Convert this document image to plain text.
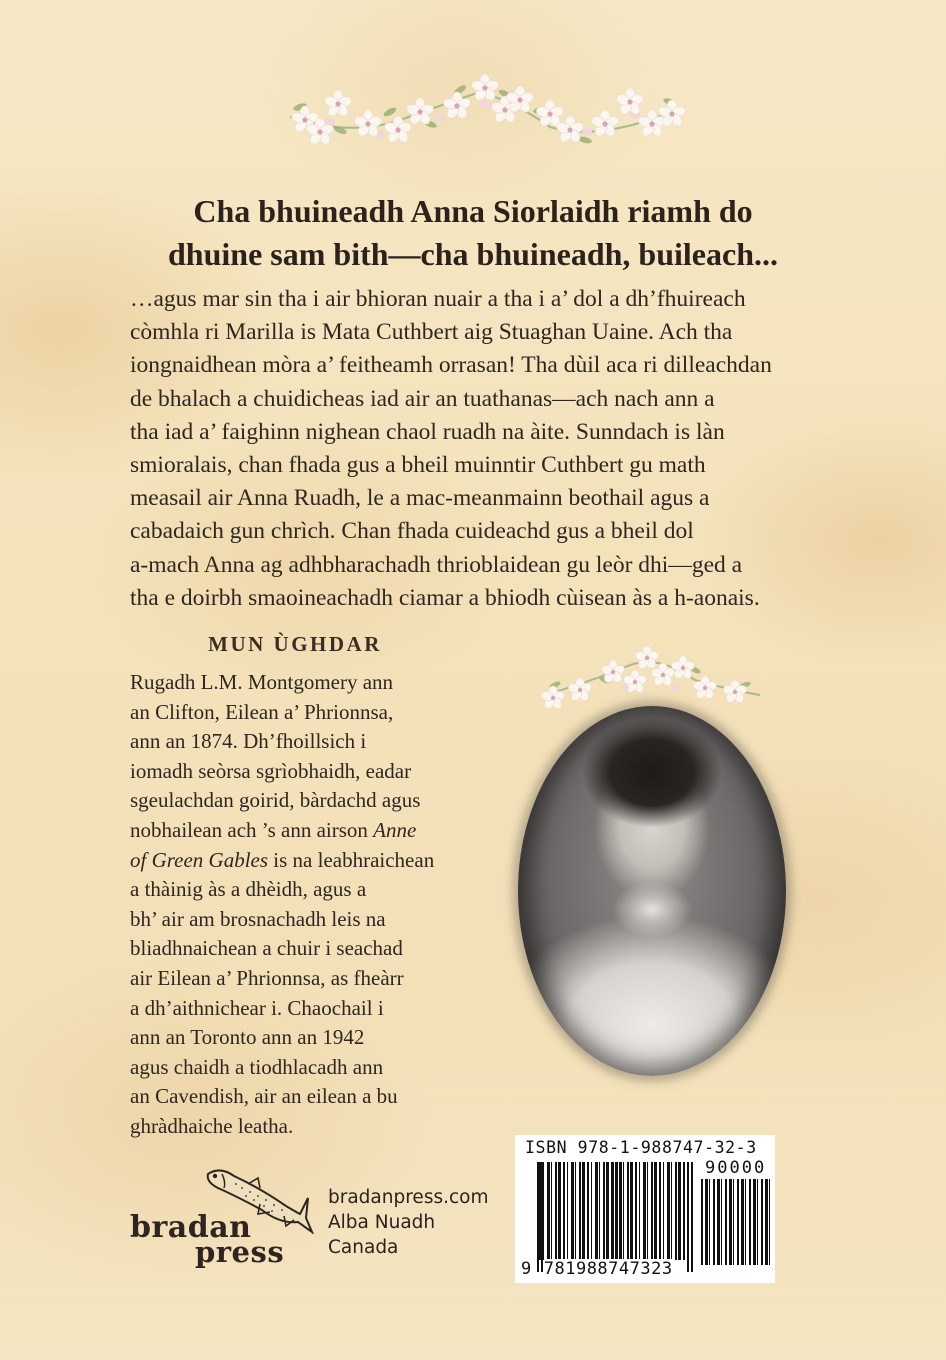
Cha bhuineadh Anna Siorlaidh riamh do
dhuine sam bith—cha bhuineadh, buileach...
…agus mar sin tha i air bhioran nuair a tha i a’ dol a dh’fhuireach
còmhla ri Marilla is Mata Cuthbert aig Stuaghan Uaine. Ach tha
iongnaidhean mòra a’ feitheamh orrasan! Tha dùil aca ri dilleachdan
de bhalach a chuidicheas iad air an tuathanas—ach nach ann a
tha iad a’ faighinn nighean chaol ruadh na àite. Sunndach is làn
smioralais, chan fhada gus a bheil muinntir Cuthbert gu math
measail air Anna Ruadh, le a mac-meanmainn beothail agus a
cabadaich gun chrìch. Chan fhada cuideachd gus a bheil dol
a-mach Anna ag adhbharachadh thrioblaidean gu leòr dhi—ged a
tha e doirbh smaoineachadh ciamar a bhiodh cùisean às a h-aonais.
MUN ÙGHDAR
Rugadh L.M. Montgomery ann
an Clifton, Eilean a’ Phrionnsa,
ann an 1874. Dh’fhoillsich i
iomadh seòrsa sgrìobhaidh, eadar
sgeulachdan goirid, bàrdachd agus
nobhailean ach ’s ann airson Anne
of Green Gables is na leabhraichean
a thàinig às a dhèidh, agus a
bh’ air am brosnachadh leis na
bliadhnaichean a chuir i seachad
air Eilean a’ Phrionnsa, as fheàrr
a dh’aithnichear i. Chaochail i
ann an Toronto ann an 1942
agus chaidh a tiodhlacadh ann
an Cavendish, air an eilean a bu
ghràdhaiche leatha.
ISBN 978-1-988747-32-3
90000
9 781988747323
bradan
press
bradanpress.com
Alba Nuadh
Canada
